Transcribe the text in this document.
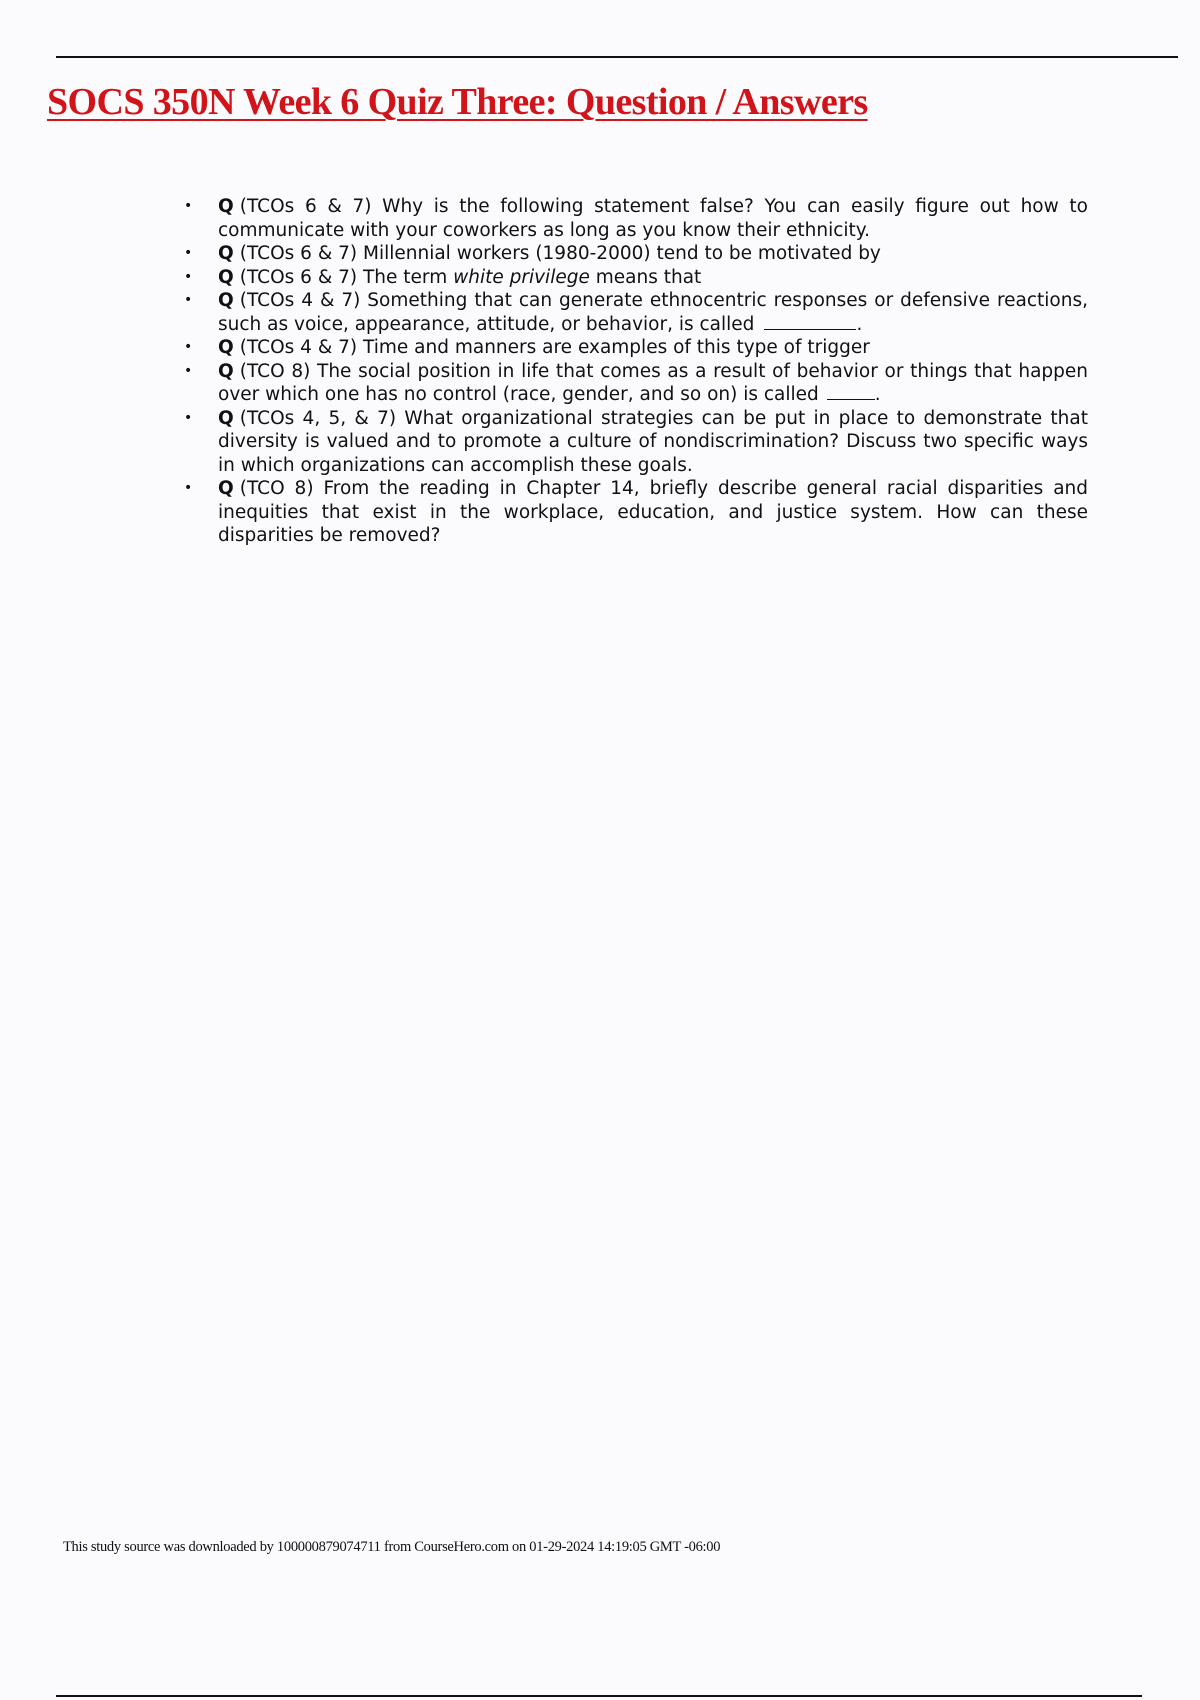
SOCS 350N Week 6 Quiz Three: Question / Answers
• Q (TCOs 6 & 7) Why is the following statement false? You can easily figure out how to communicate with your coworkers as long as you know their ethnicity.
• Q (TCOs 6 & 7) Millennial workers (1980-2000) tend to be motivated by
• Q (TCOs 6 & 7) The term white privilege means that
• Q (TCOs 4 & 7) Something that can generate ethnocentric responses or defensive reactions, such as voice, appearance, attitude, or behavior, is called	.
• Q (TCOs 4 & 7) Time and manners are examples of this type of trigger
• Q (TCO 8) The social position in life that comes as a result of behavior or things that happen over which one has no control (race, gender, and so on) is called	.
• Q (TCOs 4, 5, & 7) What organizational strategies can be put in place to demonstrate that diversity is valued and to promote a culture of nondiscrimination? Discuss two specific ways in which organizations can accomplish these goals.
• Q (TCO 8) From the reading in Chapter 14, briefly describe general racial disparities and inequities that exist in the workplace, education, and justice system. How can these disparities be removed?
This study source was downloaded by 100000879074711 from CourseHero.com on 01-29-2024 14:19:05 GMT -06:00
